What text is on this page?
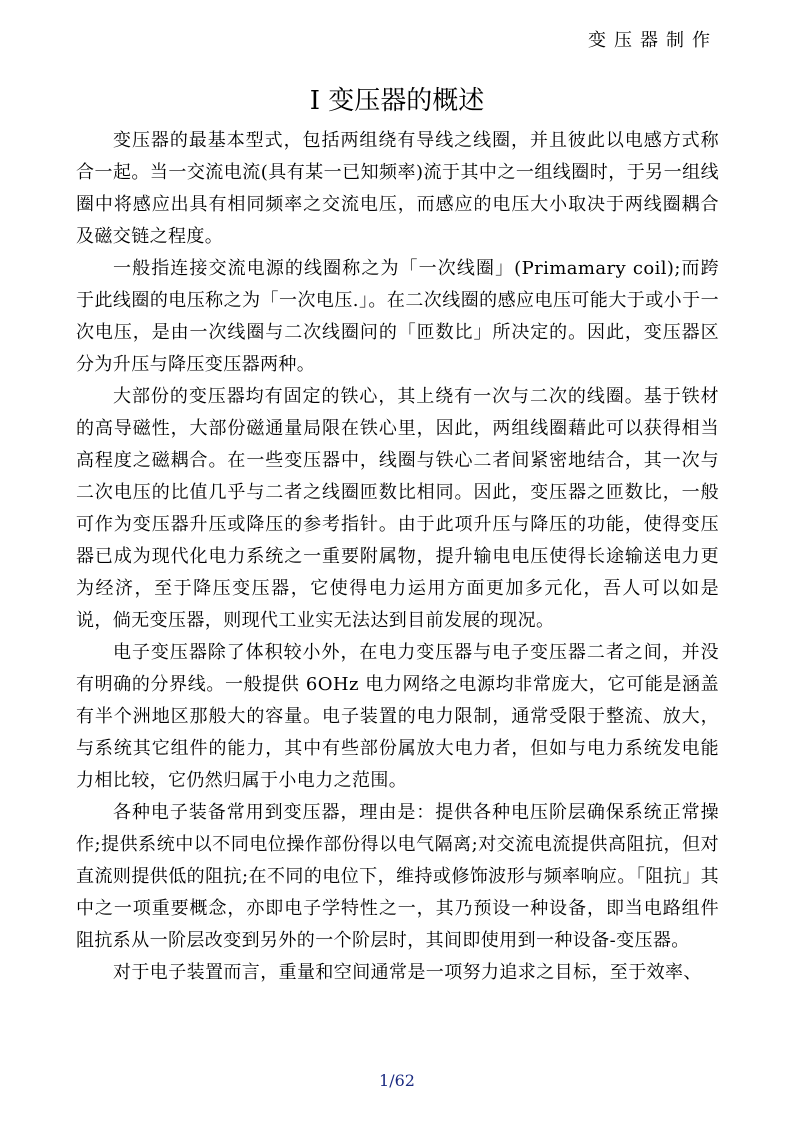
变压器制作
I 变压器的概述

变压器的最基本型式，包括两组绕有导线之线圈，并且彼此以电感方式称合一起。当一交流电流(具有某一已知频率)流于其中之一组线圈时，于另一组线圈中将感应出具有相同频率之交流电压，而感应的电压大小取决于两线圈耦合及磁交链之程度。

一般指连接交流电源的线圈称之为「一次线圈」(Primamary coil);而跨于此线圈的电压称之为「一次电压.」。在二次线圈的感应电压可能大于或小于一次电压，是由一次线圈与二次线圈问的「匝数比」所决定的。因此，变压器区分为升压与降压变压器两种。

大部份的变压器均有固定的铁心，其上绕有一次与二次的线圈。基于铁材的高导磁性，大部份磁通量局限在铁心里，因此，两组线圈藉此可以获得相当高程度之磁耦合。在一些变压器中，线圈与铁心二者间紧密地结合，其一次与二次电压的比值几乎与二者之线圈匝数比相同。因此，变压器之匝数比，一般可作为变压器升压或降压的参考指针。由于此项升压与降压的功能，使得变压器已成为现代化电力系统之一重要附属物，提升输电电压使得长途输送电力更为经济，至于降压变压器，它使得电力运用方面更加多元化，吾人可以如是说，倘无变压器，则现代工业实无法达到目前发展的现况。

电子变压器除了体积较小外，在电力变压器与电子变压器二者之间，并没有明确的分界线。一般提供 6OHz 电力网络之电源均非常庞大，它可能是涵盖有半个洲地区那般大的容量。电子装置的电力限制，通常受限于整流、放大，与系统其它组件的能力，其中有些部份属放大电力者，但如与电力系统发电能力相比较，它仍然归属于小电力之范围。

各种电子装备常用到变压器，理由是：提供各种电压阶层确保系统正常操作;提供系统中以不同电位操作部份得以电气隔离;对交流电流提供高阻抗，但对直流则提供低的阻抗;在不同的电位下，维持或修饰波形与频率响应。「阻抗」其中之一项重要概念，亦即电子学特性之一，其乃预设一种设备，即当电路组件阻抗系从一阶层改变到另外的一个阶层时，其间即使用到一种设备-变压器。

对于电子装置而言，重量和空间通常是一项努力追求之目标，至于效率、

1/62
